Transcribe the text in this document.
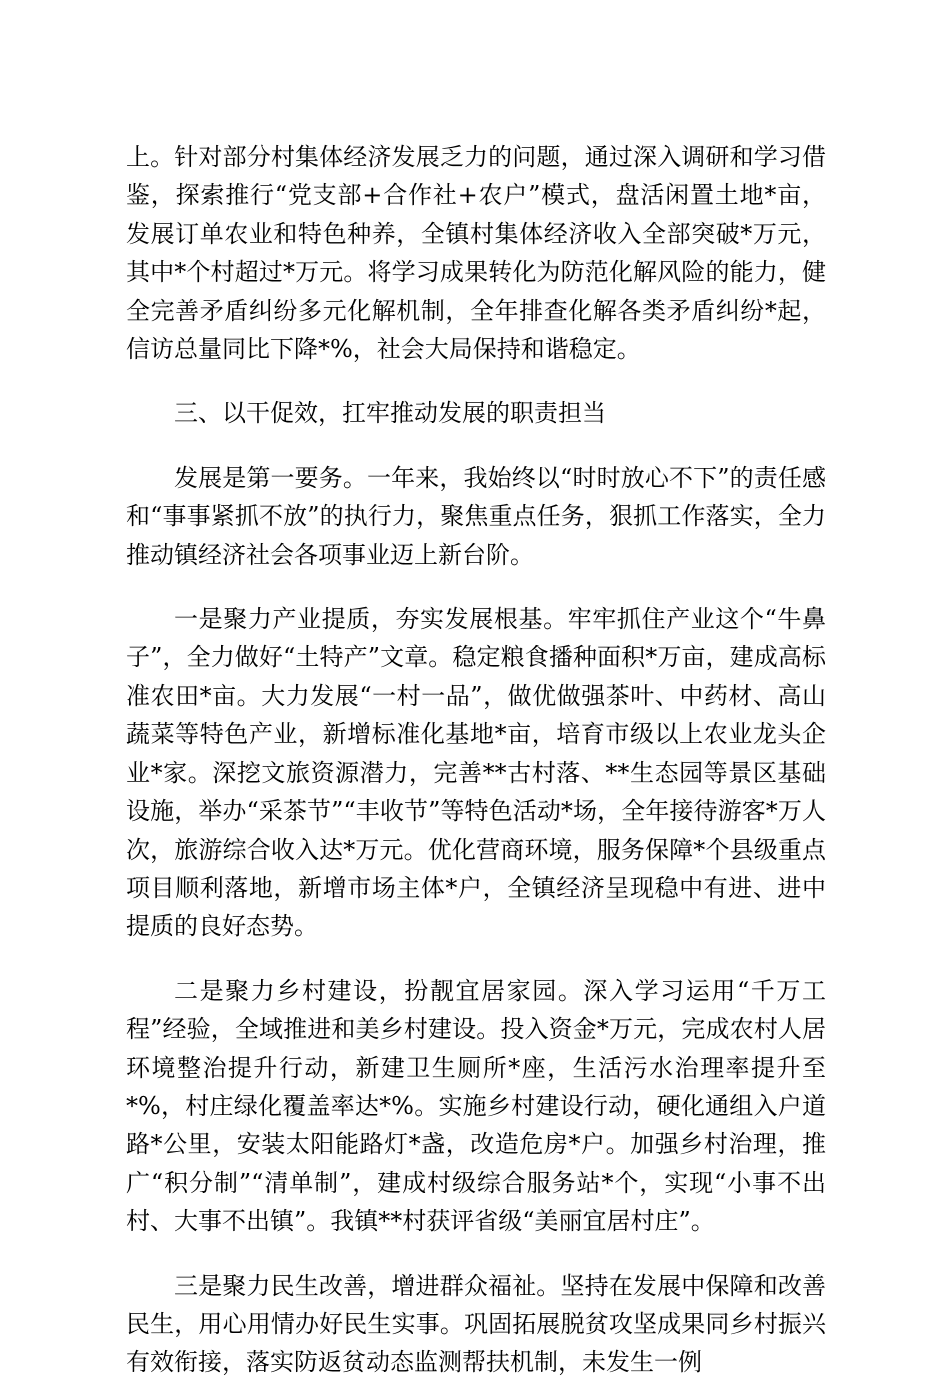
上。针对部分村集体经济发展乏力的问题，通过深入调研和学习借鉴，探索推行“党支部+合作社+农户”模式，盘活闲置土地*亩，发展订单农业和特色种养，全镇村集体经济收入全部突破*万元，其中*个村超过*万元。将学习成果转化为防范化解风险的能力，健全完善矛盾纠纷多元化解机制，全年排查化解各类矛盾纠纷*起，信访总量同比下降*%，社会大局保持和谐稳定。

三、以干促效，扛牢推动发展的职责担当

发展是第一要务。一年来，我始终以“时时放心不下”的责任感和“事事紧抓不放”的执行力，聚焦重点任务，狠抓工作落实，全力推动镇经济社会各项事业迈上新台阶。

一是聚力产业提质，夯实发展根基。牢牢抓住产业这个“牛鼻子”，全力做好“土特产”文章。稳定粮食播种面积*万亩，建成高标准农田*亩。大力发展“一村一品”，做优做强茶叶、中药材、高山蔬菜等特色产业，新增标准化基地*亩，培育市级以上农业龙头企业*家。深挖文旅资源潜力，完善**古村落、**生态园等景区基础设施，举办“采茶节”“丰收节”等特色活动*场，全年接待游客*万人次，旅游综合收入达*万元。优化营商环境，服务保障*个县级重点项目顺利落地，新增市场主体*户，全镇经济呈现稳中有进、进中提质的良好态势。

二是聚力乡村建设，扮靓宜居家园。深入学习运用“千万工程”经验，全域推进和美乡村建设。投入资金*万元，完成农村人居环境整治提升行动，新建卫生厕所*座，生活污水治理率提升至*%，村庄绿化覆盖率达*%。实施乡村建设行动，硬化通组入户道路*公里，安装太阳能路灯*盏，改造危房*户。加强乡村治理，推广“积分制”“清单制”，建成村级综合服务站*个，实现“小事不出村、大事不出镇”。我镇**村获评省级“美丽宜居村庄”。

三是聚力民生改善，增进群众福祉。坚持在发展中保障和改善民生，用心用情办好民生实事。巩固拓展脱贫攻坚成果同乡村振兴有效衔接，落实防返贫动态监测帮扶机制，未发生一例
